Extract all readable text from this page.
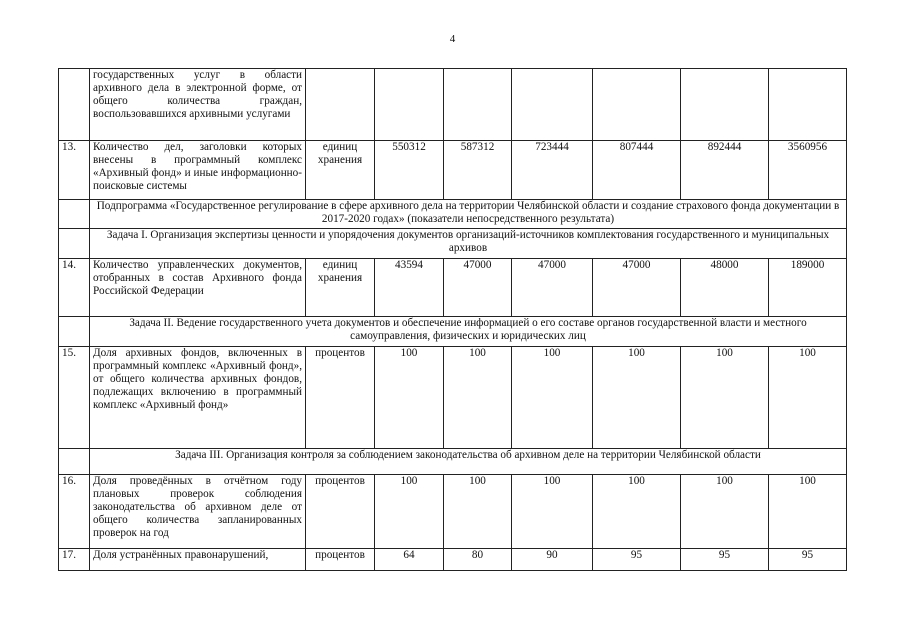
4
	государственных услуг в области архивного дела в электронной форме, от общего количества граждан, воспользовавшихся архивными услугами							
13.	Количество дел, заголовки которых внесены в программный комплекс «Архивный фонд» и иные информационно-поисковые системы	единиц хранения	550312	587312	723444	807444	892444	3560956
	Подпрограмма «Государственное регулирование в сфере архивного дела на территории Челябинской области и создание страхового фонда документации в 2017-2020 годах» (показатели непосредственного результата)							
	Задача I. Организация экспертизы ценности и упорядочения документов организаций-источников комплектования государственного и муниципальных архивов							
14.	Количество управленческих документов, отобранных в состав Архивного фонда Российской Федерации	единиц хранения	43594	47000	47000	47000	48000	189000
	Задача II. Ведение государственного учета документов и обеспечение информацией о его составе органов государственной власти и местного самоуправления, физических и юридических лиц							
15.	Доля архивных фондов, включенных в программный комплекс «Архивный фонд», от общего количества архивных фондов, подлежащих включению в программный комплекс «Архивный фонд»	процентов	100	100	100	100	100	100
	Задача III. Организация контроля за соблюдением законодательства об архивном деле на территории Челябинской области							
16.	Доля проведённых в отчётном году плановых проверок соблюдения законодательства об архивном деле от общего количества запланированных проверок на год	процентов	100	100	100	100	100	100
17.	Доля устранённых правонарушений,	процентов	64	80	90	95	95	95
